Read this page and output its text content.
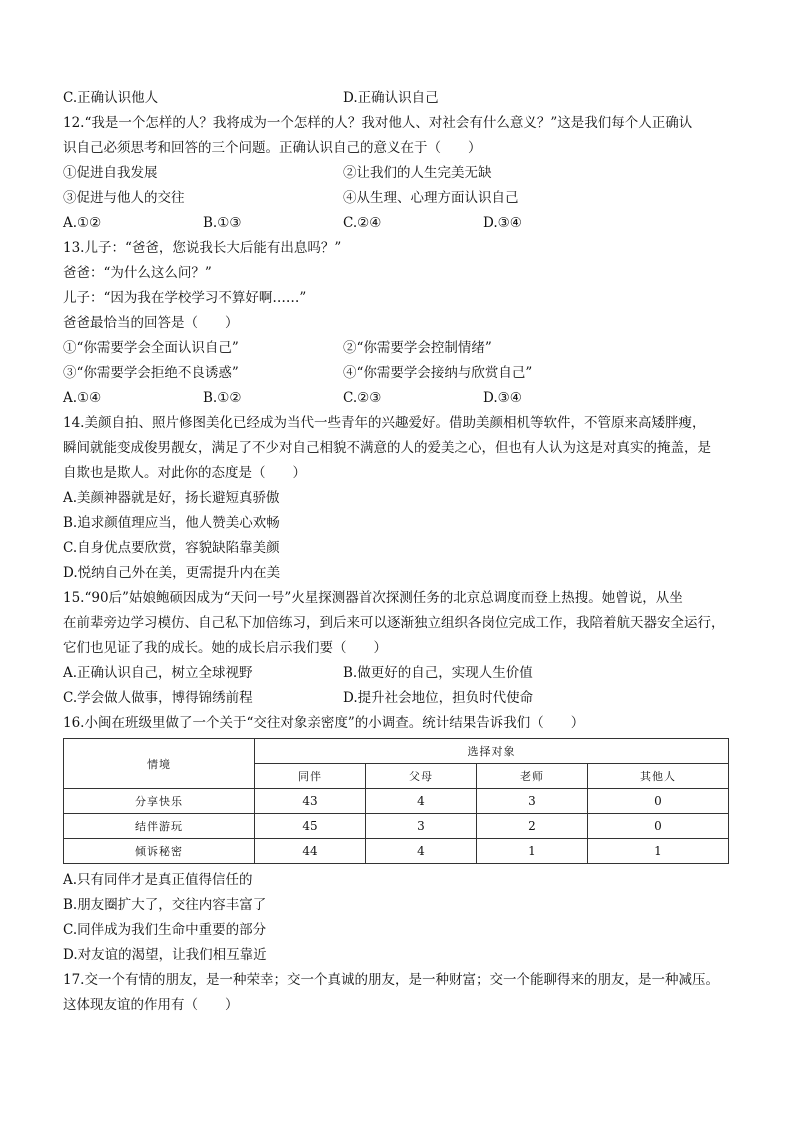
C.正确认识他人	D.正确认识自己
12.“我是一个怎样的人？我将成为一个怎样的人？我对他人、对社会有什么意义？”这是我们每个人正确认
识自己必须思考和回答的三个问题。正确认识自己的意义在于（　　）
①促进自我发展	②让我们的人生完美无缺
③促进与他人的交往	④从生理、心理方面认识自己
A.①②	B.①③	C.②④	D.③④
13.儿子：“爸爸，您说我长大后能有出息吗？”
爸爸：“为什么这么问？”
儿子：“因为我在学校学习不算好啊……”
爸爸最恰当的回答是（　　）
①“你需要学会全面认识自己”	②“你需要学会控制情绪”
③“你需要学会拒绝不良诱惑”	④“你需要学会接纳与欣赏自己”
A.①④	B.①②	C.②③	D.③④
14.美颜自拍、照片修图美化已经成为当代一些青年的兴趣爱好。借助美颜相机等软件，不管原来高矮胖瘦，
瞬间就能变成俊男靓女，满足了不少对自己相貌不满意的人的爱美之心，但也有人认为这是对真实的掩盖，是
自欺也是欺人。对此你的态度是（　　）
A.美颜神器就是好，扬长避短真骄傲
B.追求颜值理应当，他人赞美心欢畅
C.自身优点要欣赏，容貌缺陷靠美颜
D.悦纳自己外在美，更需提升内在美
15.“90后”姑娘鲍硕因成为“天问一号”火星探测器首次探测任务的北京总调度而登上热搜。她曾说，从坐
在前辈旁边学习模仿、自己私下加倍练习，到后来可以逐渐独立组织各岗位完成工作，我陪着航天器安全运行，
它们也见证了我的成长。她的成长启示我们要（　　）
A.正确认识自己，树立全球视野	B.做更好的自己，实现人生价值
C.学会做人做事，博得锦绣前程	D.提升社会地位，担负时代使命
16.小闽在班级里做了一个关于“交往对象亲密度”的小调查。统计结果告诉我们（　　）
情境	选择对象			
	同伴	父母	老师	其他人
分享快乐	43	4	3	0
结伴游玩	45	3	2	0
倾诉秘密	44	4	1	1
A.只有同伴才是真正值得信任的
B.朋友圈扩大了，交往内容丰富了
C.同伴成为我们生命中重要的部分
D.对友谊的渴望，让我们相互靠近
17.交一个有情的朋友，是一种荣幸；交一个真诚的朋友，是一种财富；交一个能聊得来的朋友，是一种减压。
这体现友谊的作用有（　　）
